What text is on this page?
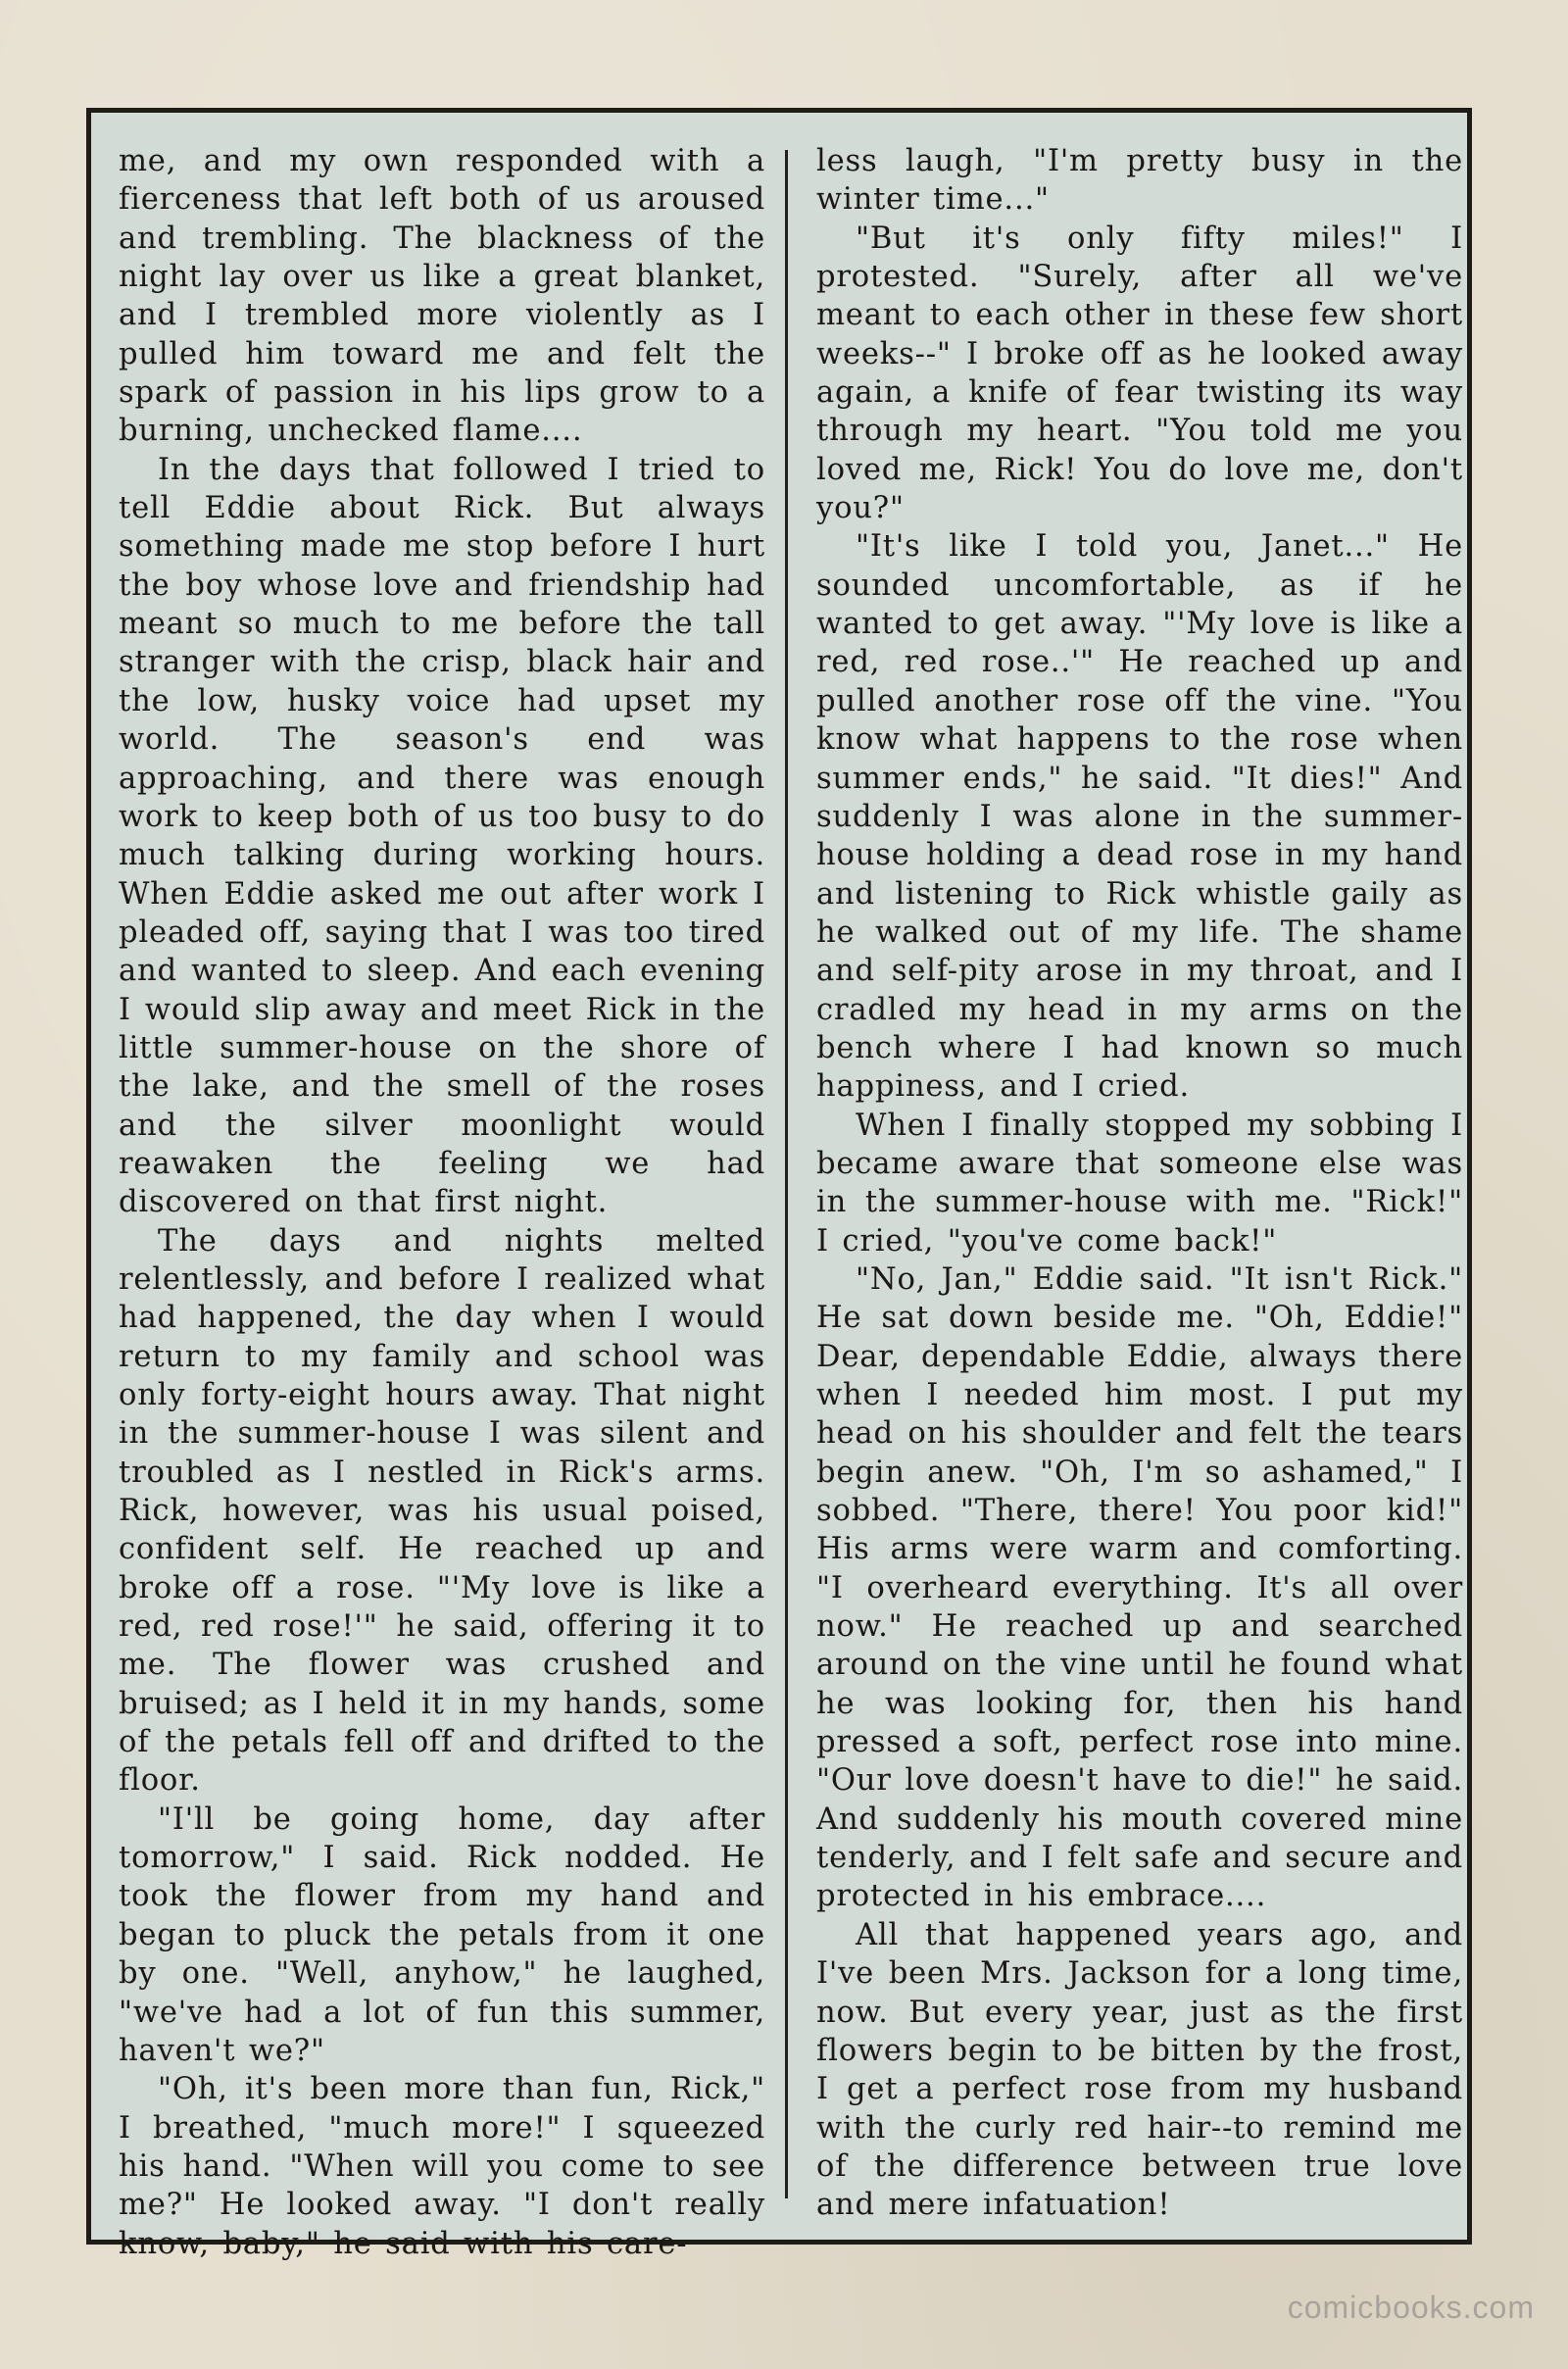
me, and my own responded with a fierceness that left both of us aroused and trembling. The blackness of the night lay over us like a great blanket, and I trembled more violently as I pulled him toward me and felt the spark of passion in his lips grow to a burning, unchecked flame....

In the days that followed I tried to tell Eddie about Rick. But always something made me stop before I hurt the boy whose love and friendship had meant so much to me before the tall stranger with the crisp, black hair and the low, husky voice had upset my world. The season's end was approaching, and there was enough work to keep both of us too busy to do much talking during working hours. When Eddie asked me out after work I pleaded off, saying that I was too tired and wanted to sleep. And each evening I would slip away and meet Rick in the little summer-house on the shore of the lake, and the smell of the roses and the silver moonlight would reawaken the feeling we had discovered on that first night.

The days and nights melted relentlessly, and before I realized what had happened, the day when I would return to my family and school was only forty-eight hours away. That night in the summer-house I was silent and troubled as I nestled in Rick's arms. Rick, however, was his usual poised, confident self. He reached up and broke off a rose. "'My love is like a red, red rose!'" he said, offering it to me. The flower was crushed and bruised; as I held it in my hands, some of the petals fell off and drifted to the floor.

"I'll be going home, day after tomorrow," I said. Rick nodded. He took the flower from my hand and began to pluck the petals from it one by one. "Well, anyhow," he laughed, "we've had a lot of fun this summer, haven't we?"

"Oh, it's been more than fun, Rick," I breathed, "much more!" I squeezed his hand. "When will you come to see me?" He looked away. "I don't really know, baby," he said with his care-

less laugh, "I'm pretty busy in the winter time..."

"But it's only fifty miles!" I protested. "Surely, after all we've meant to each other in these few short weeks--" I broke off as he looked away again, a knife of fear twisting its way through my heart. "You told me you loved me, Rick! You do love me, don't you?"

"It's like I told you, Janet..." He sounded uncomfortable, as if he wanted to get away. "'My love is like a red, red rose..'" He reached up and pulled another rose off the vine. "You know what happens to the rose when summer ends," he said. "It dies!" And suddenly I was alone in the summer-house holding a dead rose in my hand and listening to Rick whistle gaily as he walked out of my life. The shame and self-pity arose in my throat, and I cradled my head in my arms on the bench where I had known so much happiness, and I cried.

When I finally stopped my sobbing I became aware that someone else was in the summer-house with me. "Rick!" I cried, "you've come back!"

"No, Jan," Eddie said. "It isn't Rick." He sat down beside me. "Oh, Eddie!" Dear, dependable Eddie, always there when I needed him most. I put my head on his shoulder and felt the tears begin anew. "Oh, I'm so ashamed," I sobbed. "There, there! You poor kid!" His arms were warm and comforting. "I overheard everything. It's all over now." He reached up and searched around on the vine until he found what he was looking for, then his hand pressed a soft, perfect rose into mine. "Our love doesn't have to die!" he said. And suddenly his mouth covered mine tenderly, and I felt safe and secure and protected in his embrace....

All that happened years ago, and I've been Mrs. Jackson for a long time, now. But every year, just as the first flowers begin to be bitten by the frost, I get a perfect rose from my husband with the curly red hair--to remind me of the difference between true love and mere infatuation!

comicbooks.com
